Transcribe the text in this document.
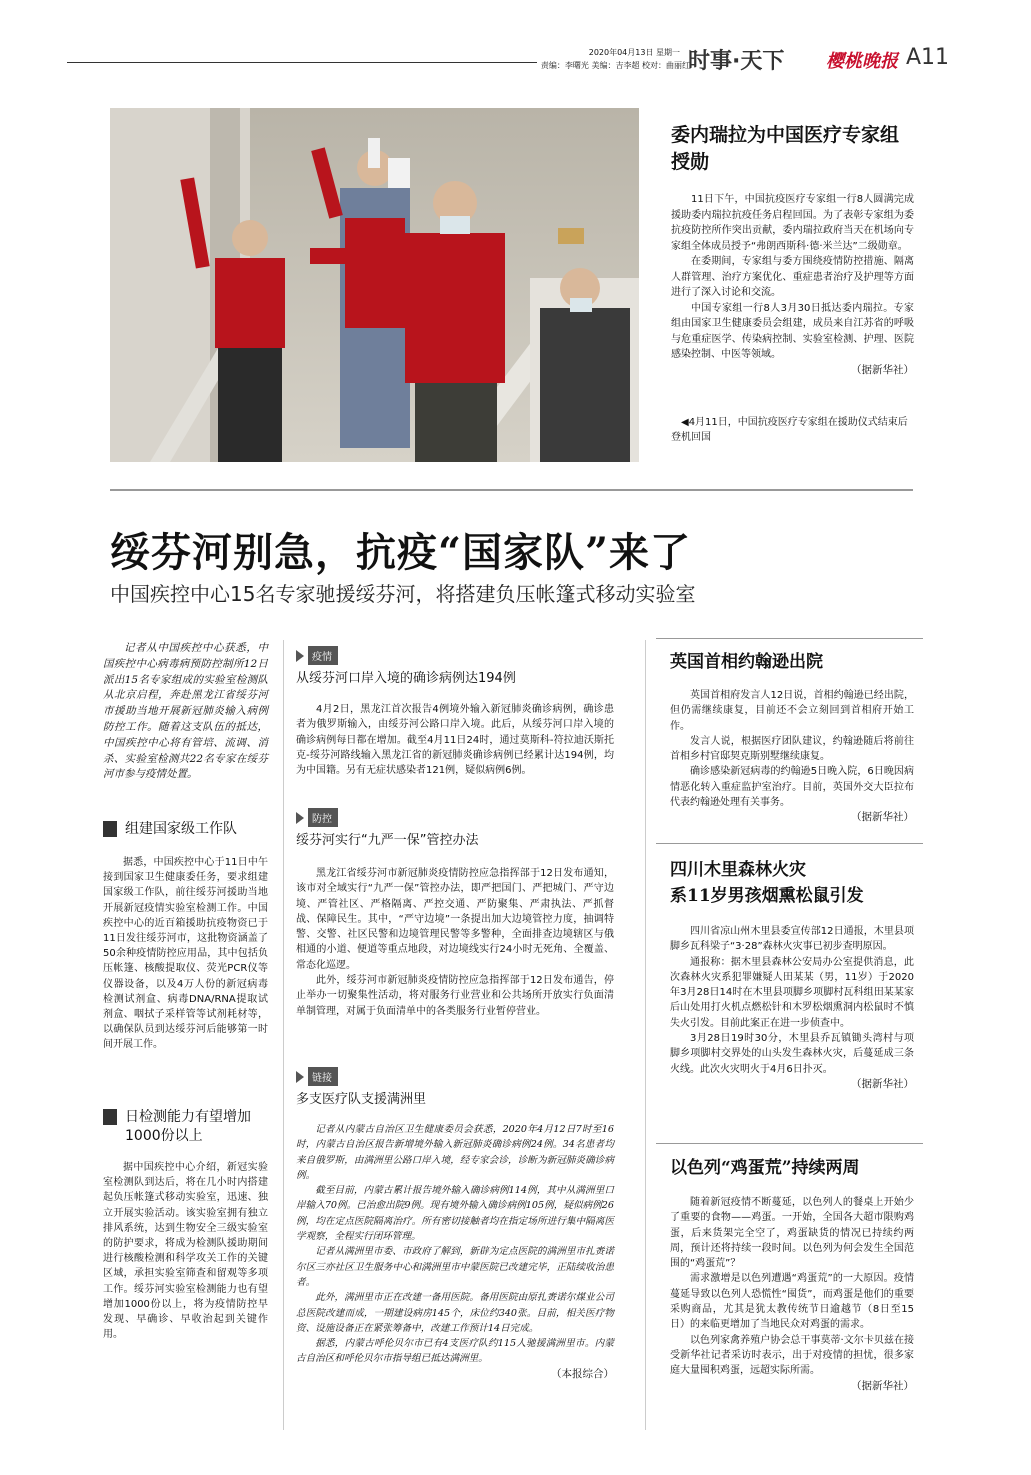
2020年04月13日 星期一
责编：李曙光 美编：吉李超 校对：曲丽红
时事·天下 樱桃晚报 A11
委内瑞拉为中国医疗专家组授勋

11日下午，中国抗疫医疗专家组一行8人圆满完成援助委内瑞拉抗疫任务启程回国。为了表彰专家组为委抗疫防控所作突出贡献，委内瑞拉政府当天在机场向专家组全体成员授予“弗朗西斯科·德·米兰达”二级勋章。

在委期间，专家组与委方围绕疫情防控措施、隔离人群管理、治疗方案优化、重症患者治疗及护理等方面进行了深入讨论和交流。

中国专家组一行8人3月30日抵达委内瑞拉。专家组由国家卫生健康委员会组建，成员来自江苏省的呼吸与危重症医学、传染病控制、实验室检测、护理、医院感染控制、中医等领域。

（据新华社）
◀4月11日，中国抗疫医疗专家组在援助仪式结束后登机回国
绥芬河别急，抗疫“国家队”来了
中国疾控中心15名专家驰援绥芬河，将搭建负压帐篷式移动实验室
记者从中国疾控中心获悉，中国疾控中心病毒病预防控制所12日派出15名专家组成的实验室检测队从北京启程，奔赴黑龙江省绥芬河市援助当地开展新冠肺炎输入病例防控工作。随着这支队伍的抵达，中国疾控中心将有管培、流调、消杀、实验室检测共22名专家在绥芬河市参与疫情处置。
组建国家级工作队
据悉，中国疾控中心于11日中午接到国家卫生健康委任务，要求组建国家级工作队，前往绥芬河援助当地开展新冠疫情实验室检测工作。中国疾控中心的近百箱援助抗疫物资已于11日发往绥芬河市，这批物资涵盖了50余种疫情防控应用品，其中包括负压帐篷、核酸提取仪、荧光PCR仪等仪器设备，以及4万人份的新冠病毒检测试剂盒、病毒DNA/RNA提取试剂盒、咽拭子采样管等试剂耗材等，以确保队员到达绥芬河后能够第一时间开展工作。
日检测能力有望增加1000份以上
据中国疾控中心介绍，新冠实验室检测队到达后，将在几小时内搭建起负压帐篷式移动实验室，迅速、独立开展实验活动。该实验室拥有独立排风系统，达到生物安全三级实验室的防护要求，将成为检测队援助期间进行核酸检测和科学攻关工作的关键区域，承担实验室筛查和留观等多项工作。绥芬河实验室检测能力也有望增加1000份以上，将为疫情防控早发现、早确诊、早收治起到关键作用。
疫情
从绥芬河口岸入境的确诊病例达194例
4月2日，黑龙江首次报告4例境外输入新冠肺炎确诊病例，确诊患者为俄罗斯输入，由绥芬河公路口岸入境。此后，从绥芬河口岸入境的确诊病例每日都在增加。截至4月11日24时，通过莫斯科-符拉迪沃斯托克-绥芬河路线输入黑龙江省的新冠肺炎确诊病例已经累计达194例，均为中国籍。另有无症状感染者121例，疑似病例6例。
防控
绥芬河实行“九严一保”管控办法

黑龙江省绥芬河市新冠肺炎疫情防控应急指挥部于12日发布通知，该市对全域实行“九严一保”管控办法，即严把国门、严把城门、严守边境、严管社区、严格隔离、严控交通、严防聚集、严肃执法、严抓督战、保障民生。其中，“严守边境”一条提出加大边境管控力度，抽调特警、交警、社区民警和边境管理民警等多警种，全面排查边境辖区与俄相通的小道、便道等重点地段，对边境线实行24小时无死角、全覆盖、常态化巡逻。

此外，绥芬河市新冠肺炎疫情防控应急指挥部于12日发布通告，停止举办一切聚集性活动，将对服务行业营业和公共场所开放实行负面清单制管理，对属于负面清单中的各类服务行业暂停营业。

链接
多支医疗队支援满洲里

记者从内蒙古自治区卫生健康委员会获悉，2020年4月12日7时至16时，内蒙古自治区报告新增境外输入新冠肺炎确诊病例24例。34名患者均来自俄罗斯，由满洲里公路口岸入境，经专家会诊，诊断为新冠肺炎确诊病例。

截至目前，内蒙古累计报告境外输入确诊病例114例，其中从满洲里口岸输入70例。已治愈出院9例。现有境外输入确诊病例105例，疑似病例26例，均在定点医院隔离治疗。所有密切接触者均在指定场所进行集中隔离医学观察，全程实行闭环管理。

记者从满洲里市委、市政府了解到，新辟为定点医院的满洲里市扎赉诺尔区三亦社区卫生服务中心和满洲里市中蒙医院已改建完毕，正陆续收治患者。

此外，满洲里市正在改建一备用医院。备用医院由原扎赉诺尔煤业公司总医院改建而成，一期建设病房145个，床位约340张。目前，相关医疗物资、设施设备正在紧张筹备中，改建工作预计14日完成。

据悉，内蒙古呼伦贝尔市已有4支医疗队约115人驰援满洲里市。内蒙古自治区和呼伦贝尔市指导组已抵达满洲里。

（本报综合）
英国首相约翰逊出院

英国首相府发言人12日说，首相约翰逊已经出院，但仍需继续康复，目前还不会立刻回到首相府开始工作。

发言人说，根据医疗团队建议，约翰逊随后将前往首相乡村官邸契克斯别墅继续康复。

确诊感染新冠病毒的约翰逊5日晚入院，6日晚因病情恶化转入重症监护室治疗。目前，英国外交大臣拉布代表约翰逊处理有关事务。

（据新华社）
四川木里森林火灾
系11岁男孩烟熏松鼠引发

四川省凉山州木里县委宣传部12日通报，木里县项脚乡瓦科梁子“3·28”森林火灾事已初步查明原因。

通报称：据木里县森林公安局办公室提供消息，此次森林火灾系犯罪嫌疑人田某某（男，11岁）于2020年3月28日14时在木里县项脚乡项脚村瓦科组田某某家后山处用打火机点燃松针和木罗松烟熏洞内松鼠时不慎失火引发。目前此案正在进一步侦查中。

3月28日19时30分，木里县乔瓦镇锄头湾村与项脚乡项脚村交界处的山头发生森林火灾，后蔓延成三条火线。此次火灾明火于4月6日扑灭。

（据新华社）
以色列“鸡蛋荒”持续两周

随着新冠疫情不断蔓延，以色列人的餐桌上开始少了重要的食物——鸡蛋。一开始，全国各大超市限购鸡蛋，后来货架完全空了，鸡蛋缺货的情况已持续约两周，预计还将持续一段时间。以色列为何会发生全国范围的“鸡蛋荒”？

需求激增是以色列遭遇“鸡蛋荒”的一大原因。疫情蔓延导致以色列人恐慌性“囤货”，而鸡蛋是他们的重要采购商品，尤其是犹太教传统节日逾越节（8日至15日）的来临更增加了当地民众对鸡蛋的需求。

以色列家禽养殖户协会总干事莫蒂·文尔卡贝兹在接受新华社记者采访时表示，出于对疫情的担忧，很多家庭大量囤积鸡蛋，远超实际所需。

（据新华社）
